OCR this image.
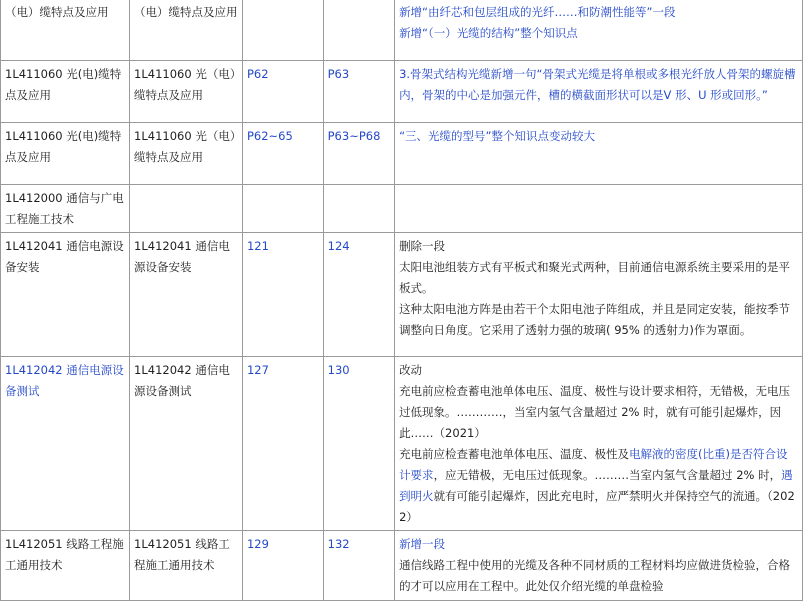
（电）缆特点及应用	（电）缆特点及应用			新增“由纤芯和包层组成的光纤……和防潮性能等”一段

新增“（一）光缆的结构”整个知识点

1L411060 光(电)缆特点及应用	1L411060 光（电）缆特点及应用	P62	P63	3.骨架式结构光缆新增一句“骨架式光缆是将单根或多根光纤放人骨架的螺旋槽内，骨架的中心是加强元件，槽的横截面形状可以是V 形、U 形或回形。”

1L411060 光(电)缆特点及应用	1L411060 光（电）缆特点及应用	P62~65	P63~P68	“三、光缆的型号”整个知识点变动较大

1L412000 通信与广电工程施工技术				
1L412041 通信电源设备安装	1L412041 通信电源设备安装	121	124	删除一段

太阳电池组装方式有平板式和聚光式两种，目前通信电源系统主要采用的是平板式。

这种太阳电池方阵是由若干个太阳电池子阵组成，并且是同定安装，能按季节调整向日角度。它采用了透射力强的玻璃( 95% 的透射力)作为罩面。

1L412042 通信电源设备测试	1L412042 通信电源设备测试	127	130	改动

充电前应检查蓄电池单体电压、温度、极性与设计要求相符，无错极，无电压过低现象。…………，当室内氢气含量超过 2% 时，就有可能引起爆炸，因此……（2021）

充电前应检查蓄电池单体电压、温度、极性及电解液的密度(比重)是否符合设计要求，应无错极，无电压过低现象。………当室内氢气含量超过 2% 时，遇到明火就有可能引起爆炸，因此充电时，应严禁明火并保持空气的流通。（2022）

1L412051 线路工程施工通用技术	1L412051 线路工程施工通用技术	129	132	新增一段

通信线路工程中使用的光缆及各种不同材质的工程材料均应做进货检验，合格的才可以应用在工程中。此处仅介绍光缆的单盘检验
